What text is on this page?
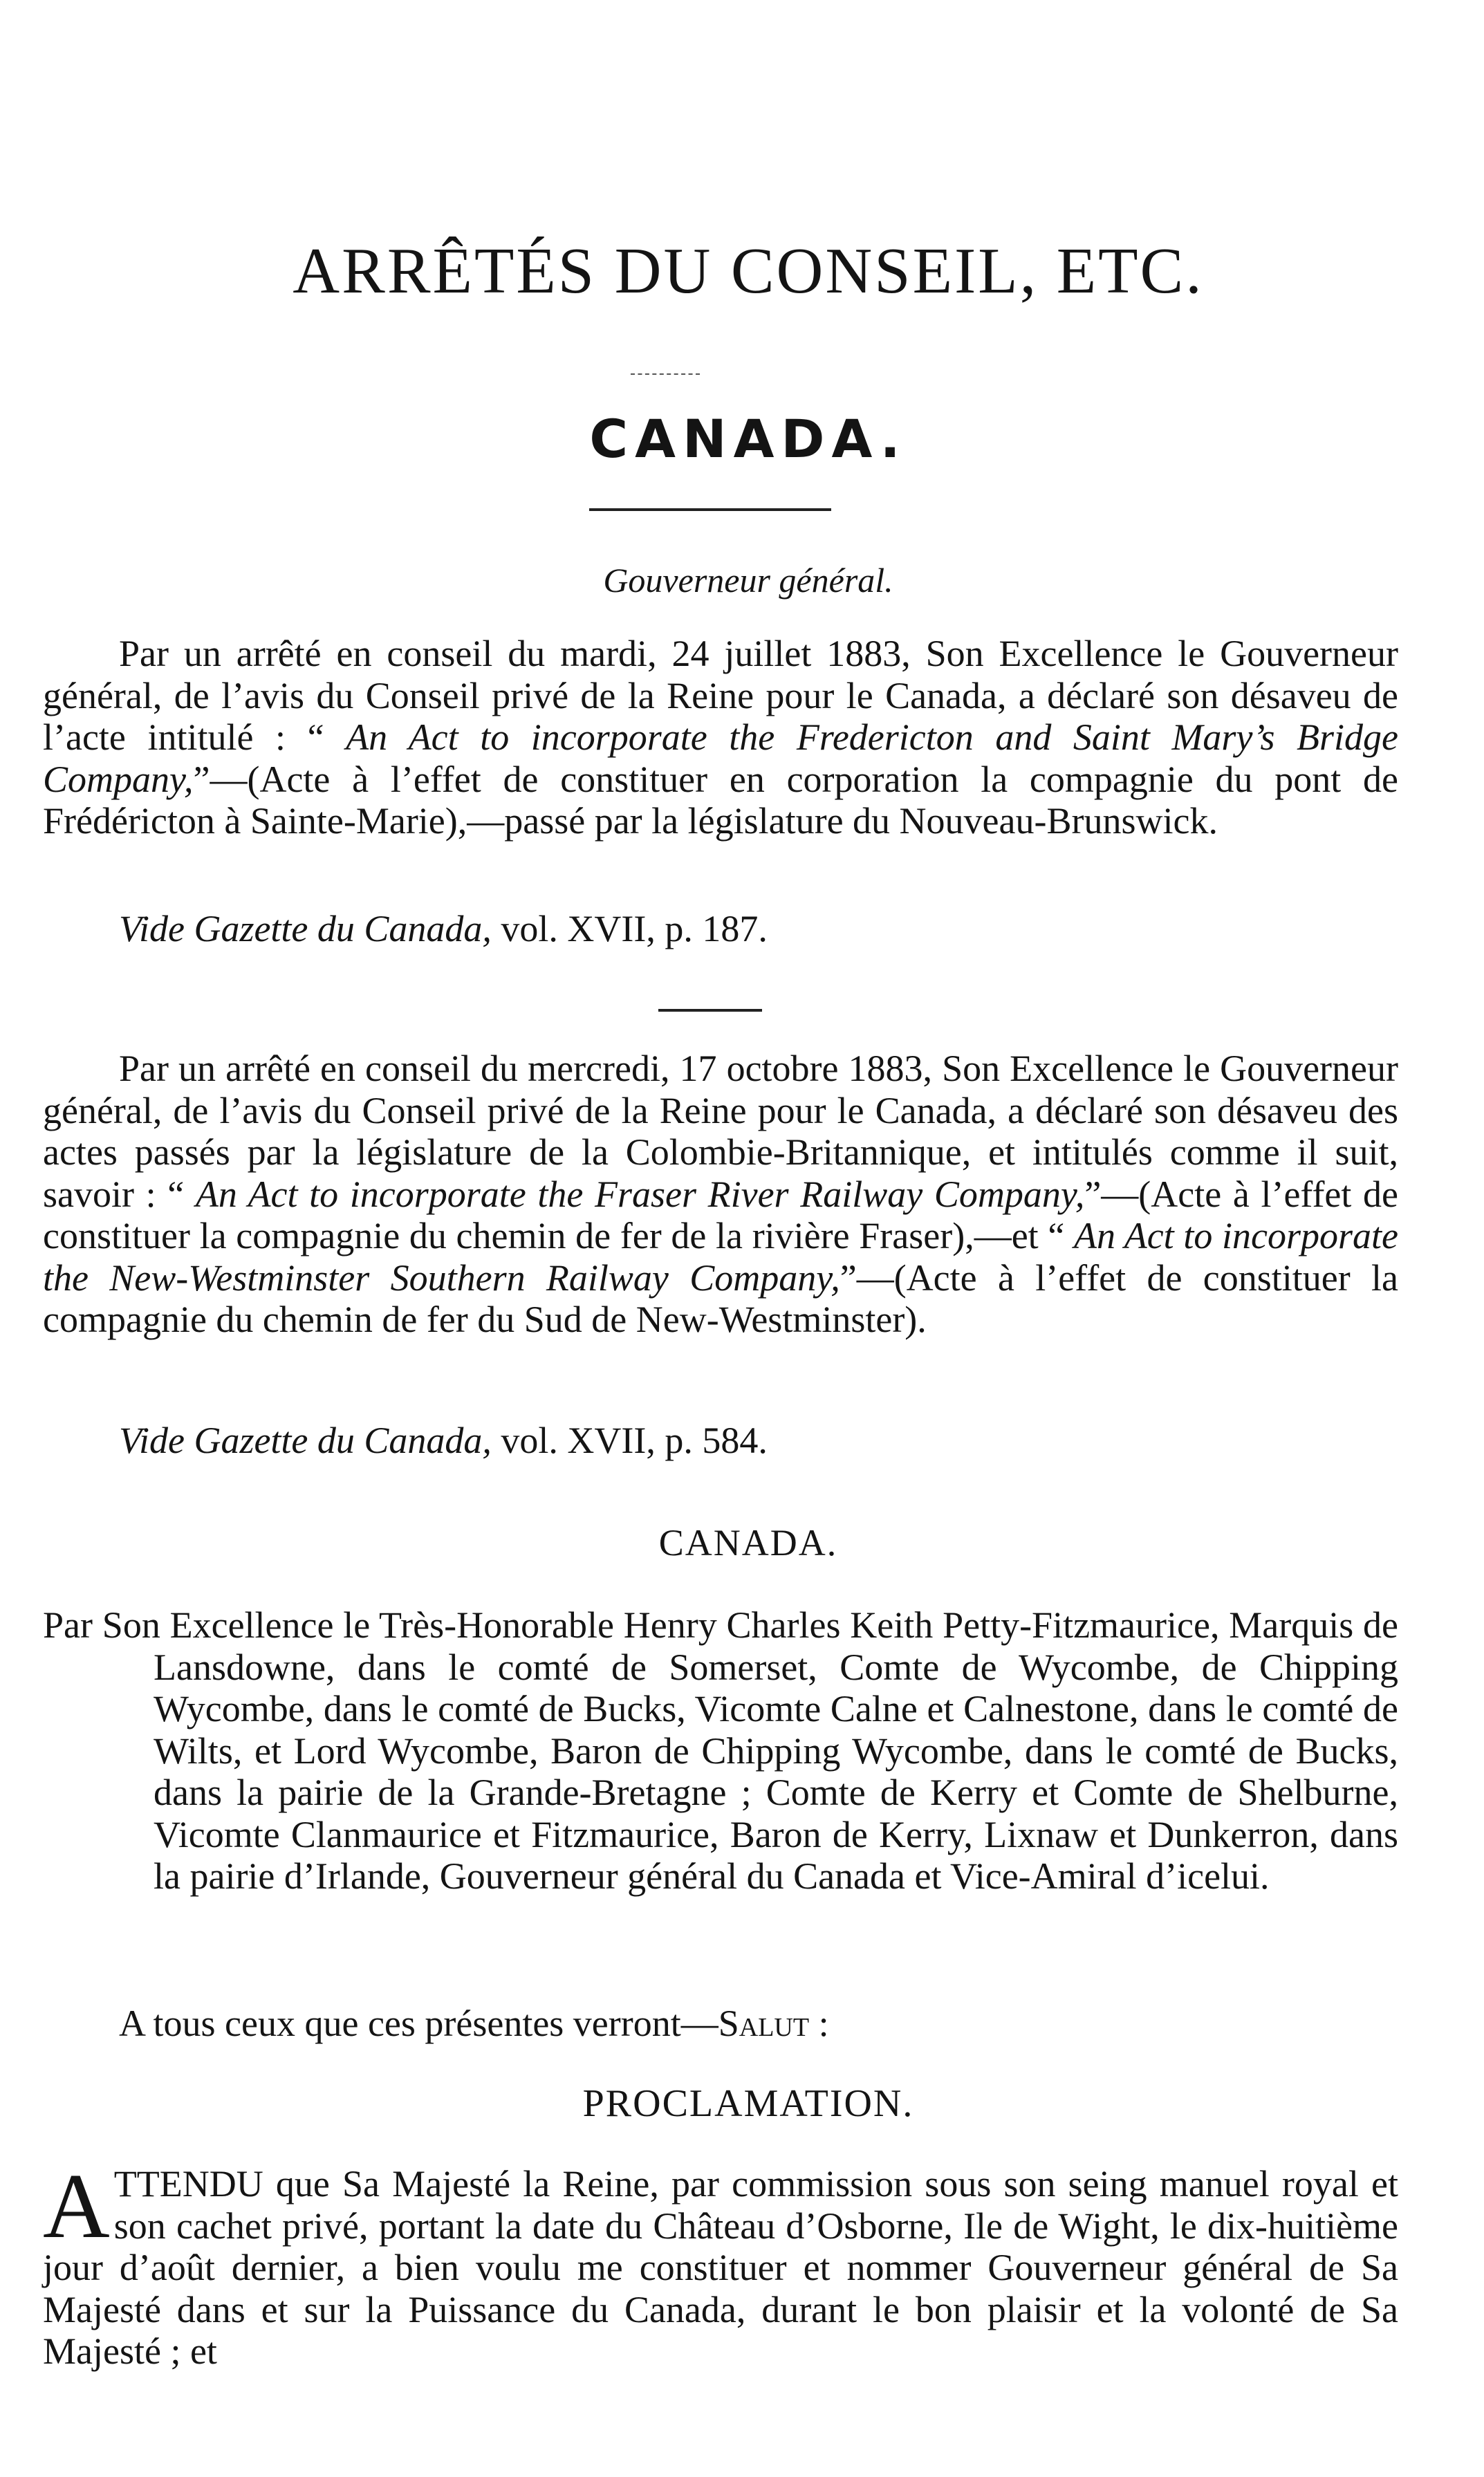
ARRÊTÉS DU CONSEIL, ETC.
CANADA.
Gouverneur général.

Par un arrêté en conseil du mardi, 24 juillet 1883, Son Excellence le Gouverneur général, de l’avis du Conseil privé de la Reine pour le Canada, a déclaré son désaveu de l’acte intitulé : “ An Act to incorporate the Fredericton and Saint Mary’s Bridge Company,”—(Acte à l’effet de constituer en corporation la compagnie du pont de Frédéricton à Sainte-Marie),—passé par la législature du Nouveau-Brunswick.

Vide Gazette du Canada, vol. XVII, p. 187.

Par un arrêté en conseil du mercredi, 17 octobre 1883, Son Excellence le Gouverneur général, de l’avis du Conseil privé de la Reine pour le Canada, a déclaré son désaveu des actes passés par la législature de la Colombie-Britannique, et intitulés comme il suit, savoir : “ An Act to incorporate the Fraser River Railway Company,”—(Acte à l’effet de constituer la compagnie du chemin de fer de la rivière Fraser),—et “ An Act to incorporate the New-Westminster Southern Railway Company,”—(Acte à l’effet de constituer la compagnie du chemin de fer du Sud de New-Westminster).

Vide Gazette du Canada, vol. XVII, p. 584.

CANADA.

Par Son Excellence le Très-Honorable Henry Charles Keith Petty-Fitzmaurice, Marquis de Lansdowne, dans le comté de Somerset, Comte de Wycombe, de Chipping Wycombe, dans le comté de Bucks, Vicomte Calne et Calnestone, dans le comté de Wilts, et Lord Wycombe, Baron de Chipping Wycombe, dans le comté de Bucks, dans la pairie de la Grande-Bretagne ; Comte de Kerry et Comte de Shelburne, Vicomte Clanmaurice et Fitzmaurice, Baron de Kerry, Lixnaw et Dunkerron, dans la pairie d’Irlande, Gouverneur général du Canada et Vice-Amiral d’icelui.

A tous ceux que ces présentes verront—Salut :

PROCLAMATION.

ATTENDU que Sa Majesté la Reine, par commission sous son seing manuel royal et son cachet privé, portant la date du Château d’Osborne, Ile de Wight, le dix-huitième jour d’août dernier, a bien voulu me constituer et nommer Gouverneur général de Sa Majesté dans et sur la Puissance du Canada, durant le bon plaisir et la volonté de Sa Majesté ; et
